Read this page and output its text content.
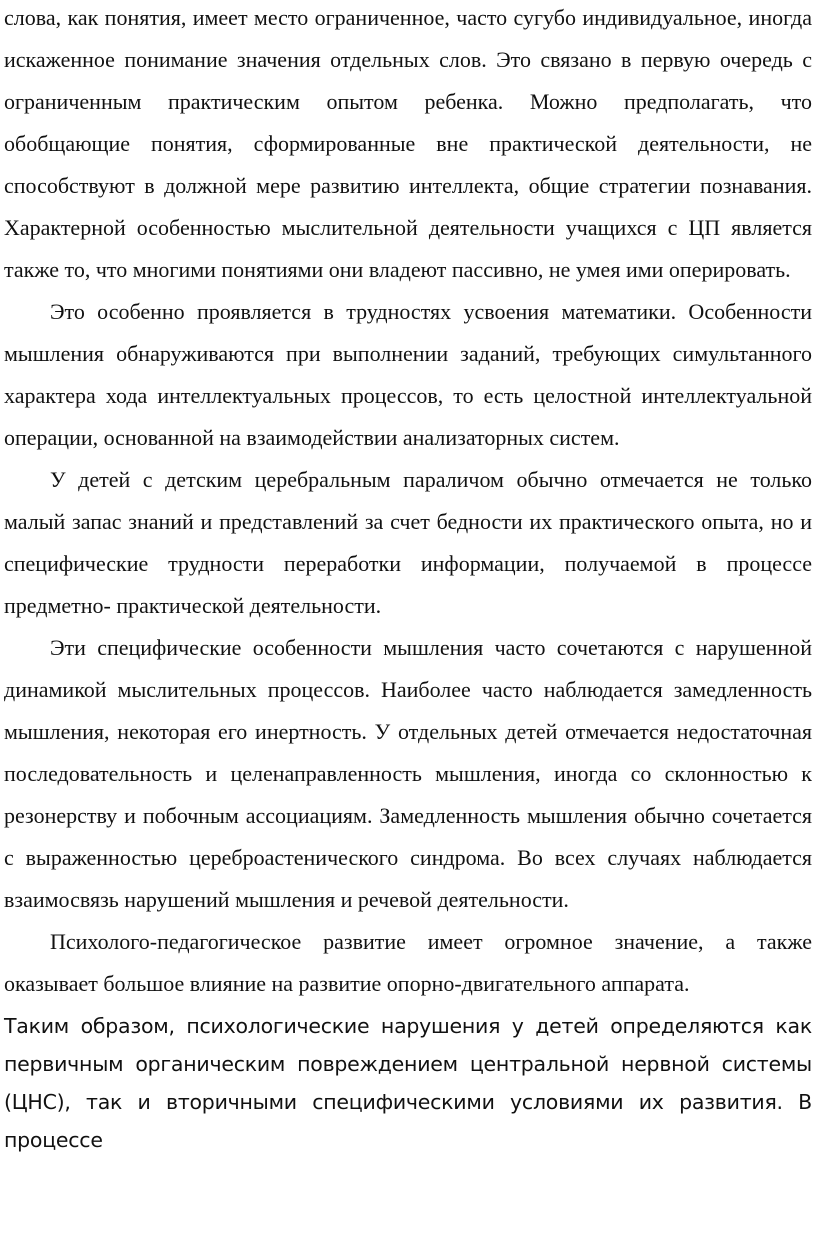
слова, как понятия, имеет место ограниченное, часто сугубо индивидуальное, иногда искаженное понимание значения отдельных слов. Это связано в первую очередь с ограниченным практическим опытом ребенка. Можно предполагать, что обобщающие понятия, сформированные вне практической деятельности, не способствуют в должной мере развитию интеллекта, общие стратегии познавания. Характерной особенностью мыслительной деятельности учащихся с ЦП является также то, что многими понятиями они владеют пассивно, не умея ими оперировать.

Это особенно проявляется в трудностях усвоения математики. Особенности мышления обнаруживаются при выполнении заданий, требующих симультанного характера хода интеллектуальных процессов, то есть целостной интеллектуальной операции, основанной на взаимодействии анализаторных систем.

У детей с детским церебральным параличом обычно отмечается не только малый запас знаний и представлений за счет бедности их практического опыта, но и специфические трудности переработки информации, получаемой в процессе предметно- практической деятельности.

Эти специфические особенности мышления часто сочетаются с нарушенной динамикой мыслительных процессов. Наиболее часто наблюдается замедленность мышления, некоторая его инертность. У отдельных детей отмечается недостаточная последовательность и целенаправленность мышления, иногда со склонностью к резонерству и побочным ассоциациям. Замедленность мышления обычно сочетается с выраженностью цереброастенического синдрома. Во всех случаях наблюдается взаимосвязь нарушений мышления и речевой деятельности.

Психолого-педагогическое развитие имеет огромное значение, а также оказывает большое влияние на развитие опорно-двигательного аппарата.

Таким образом, психологические нарушения у детей определяются как первичным органическим повреждением центральной нервной системы (ЦНС), так и вторичными специфическими условиями их развития. В процессе
